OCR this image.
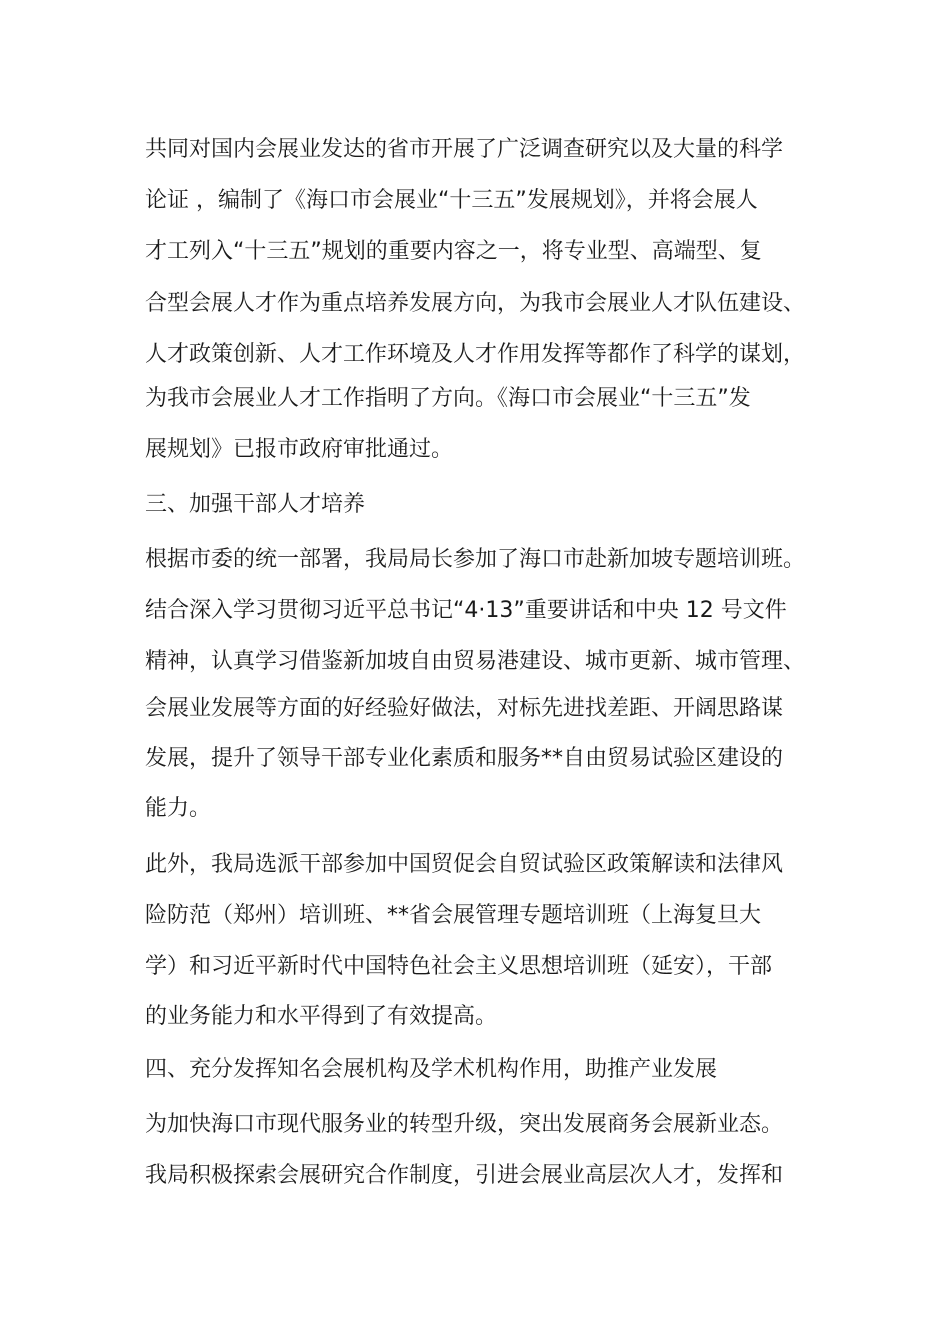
共同对国内会展业发达的省市开展了广泛调查研究以及大量的科学
论证 ，编制了《海口市会展业“十三五”发展规划》，并将会展人
才工列入“十三五”规划的重要内容之一，将专业型、高端型、复
合型会展人才作为重点培养发展方向，为我市会展业人才队伍建设、
人才政策创新、人才工作环境及人才作用发挥等都作了科学的谋划，
为我市会展业人才工作指明了方向。《海口市会展业“十三五”发
展规划》已报市政府审批通过。
三、加强干部人才培养
根据市委的统一部署，我局局长参加了海口市赴新加坡专题培训班。
结合深入学习贯彻习近平总书记“4·13”重要讲话和中央 12 号文件
精神，认真学习借鉴新加坡自由贸易港建设、城市更新、城市管理、
会展业发展等方面的好经验好做法，对标先进找差距、开阔思路谋
发展，提升了领导干部专业化素质和服务**自由贸易试验区建设的
能力。
此外，我局选派干部参加中国贸促会自贸试验区政策解读和法律风
险防范（郑州）培训班、**省会展管理专题培训班（上海复旦大
学）和习近平新时代中国特色社会主义思想培训班（延安），干部
的业务能力和水平得到了有效提高。
四、充分发挥知名会展机构及学术机构作用，助推产业发展
为加快海口市现代服务业的转型升级，突出发展商务会展新业态。
我局积极探索会展研究合作制度，引进会展业高层次人才，发挥和
